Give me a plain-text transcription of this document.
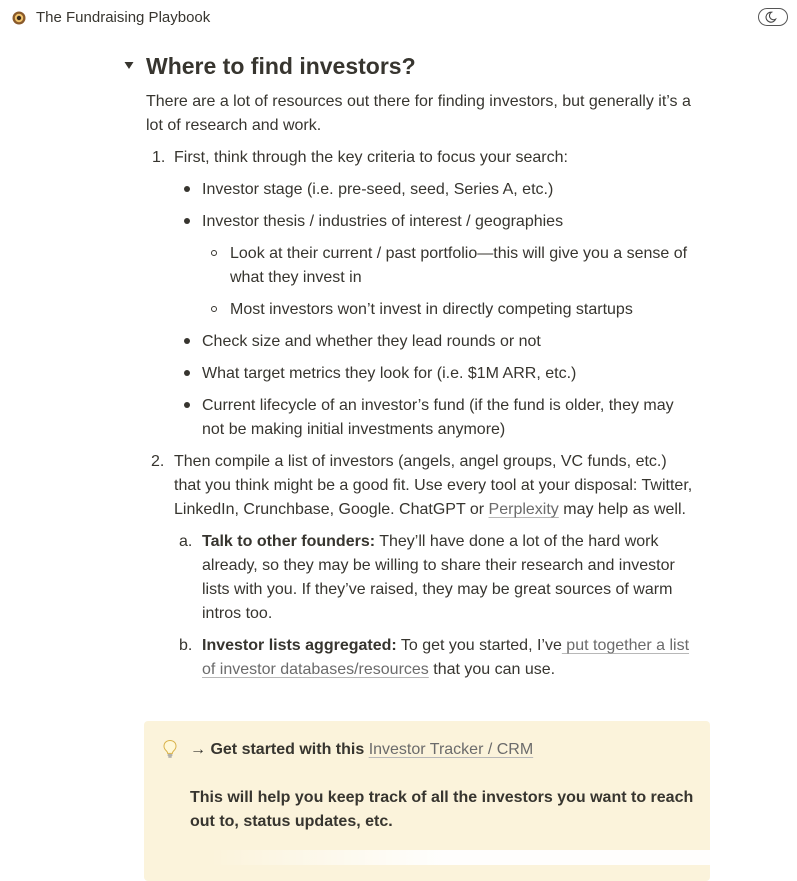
The Fundraising Playbook
Where to find investors?
There are a lot of resources out there for finding investors, but generally it’s a
lot of research and work.
1. First, think through the key criteria to focus your search:
Investor stage (i.e. pre-seed, seed, Series A, etc.)
Investor thesis / industries of interest / geographies
Look at their current / past portfolio—this will give you a sense of
what they invest in
Most investors won’t invest in directly competing startups
Check size and whether they lead rounds or not
What target metrics they look for (i.e. $1M ARR, etc.)
Current lifecycle of an investor’s fund (if the fund is older, they may
not be making initial investments anymore)
2. Then compile a list of investors (angels, angel groups, VC funds, etc.)
that you think might be a good fit. Use every tool at your disposal: Twitter,
LinkedIn, Crunchbase, Google. ChatGPT or Perplexity may help as well.
a. Talk to other founders: They’ll have done a lot of the hard work
already, so they may be willing to share their research and investor
lists with you. If they’ve raised, they may be great sources of warm
intros too.
b. Investor lists aggregated: To get you started, I’ve put together a list
of investor databases/resources that you can use.
→ Get started with this Investor Tracker / CRM
This will help you keep track of all the investors you want to reach
out to, status updates, etc.
